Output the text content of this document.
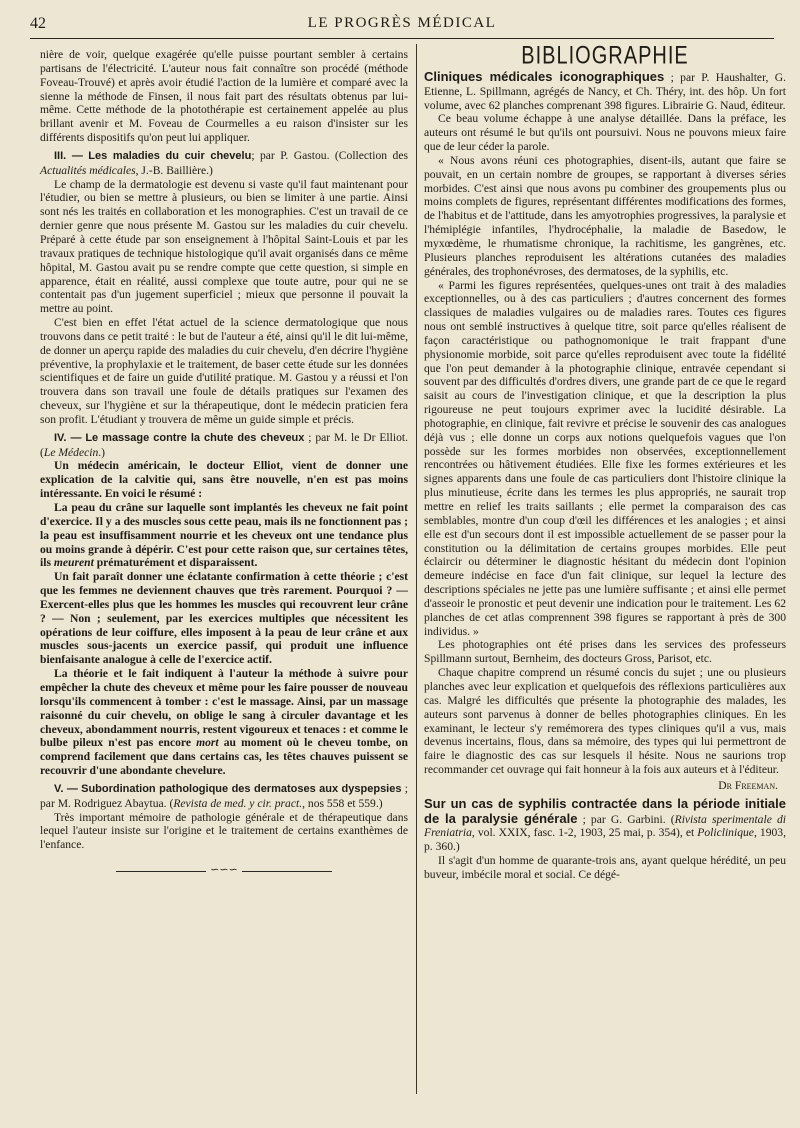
42	LE PROGRÈS MÉDICAL

nière de voir, quelque exagérée qu'elle puisse pourtant sembler à certains partisans de l'électricité. L'auteur nous fait connaître son procédé (méthode Foveau-Trouvé) et après avoir étudié l'action de la lumière et comparé avec la sienne la méthode de Finsen, il nous fait part des résultats obtenus par lui-même. Cette méthode de la photothérapie est certainement appelée au plus brillant avenir et M. Foveau de Courmelles a eu raison d'insister sur les différents dispositifs qu'on peut lui appliquer.

III. — Les maladies du cuir chevelu; par P. Gastou. (Collection des Actualités médicales, J.-B. Baillière.)

Le champ de la dermatologie est devenu si vaste qu'il faut maintenant pour l'étudier, ou bien se mettre à plusieurs, ou bien se limiter à une partie. Ainsi sont nés les traités en collaboration et les monographies. C'est un travail de ce dernier genre que nous présente M. Gastou sur les maladies du cuir chevelu. Préparé à cette étude par son enseignement à l'hôpital Saint-Louis et par les travaux pratiques de technique histologique qu'il avait organisés dans ce même hôpital, M. Gastou avait pu se rendre compte que cette question, si simple en apparence, était en réalité, aussi complexe que toute autre, pour qui ne se contentait pas d'un jugement superficiel ; mieux que personne il pouvait la mettre au point.

C'est bien en effet l'état actuel de la science dermatologique que nous trouvons dans ce petit traité : le but de l'auteur a été, ainsi qu'il le dit lui-même, de donner un aperçu rapide des maladies du cuir chevelu, d'en décrire l'hygiène préventive, la prophylaxie et le traitement, de baser cette étude sur les données scientifiques et de faire un guide d'utilité pratique. M. Gastou y a réussi et l'on trouvera dans son travail une foule de détails pratiques sur l'examen des cheveux, sur l'hygiène et sur la thérapeutique, dont le médecin praticien fera son profit. L'étudiant y trouvera de même un guide simple et précis.

IV. — Le massage contre la chute des cheveux ; par M. le Dr Elliot. (Le Médecin.)

Un médecin américain, le docteur Elliot, vient de donner une explication de la calvitie qui, sans être nouvelle, n'en est pas moins intéressante. En voici le résumé :

La peau du crâne sur laquelle sont implantés les cheveux ne fait point d'exercice. Il y a des muscles sous cette peau, mais ils ne fonctionnent pas ; la peau est insuffisamment nourrie et les cheveux ont une tendance plus ou moins grande à dépérir. C'est pour cette raison que, sur certaines têtes, ils meurent prématurément et disparaissent.

Un fait paraît donner une éclatante confirmation à cette théorie ; c'est que les femmes ne deviennent chauves que très rarement. Pourquoi ? — Exercent-elles plus que les hommes les muscles qui recouvrent leur crâne ? — Non ; seulement, par les exercices multiples que nécessitent les opérations de leur coiffure, elles imposent à la peau de leur crâne et aux muscles sous-jacents un exercice passif, qui produit une influence bienfaisante analogue à celle de l'exercice actif.

La théorie et le fait indiquent à l'auteur la méthode à suivre pour empêcher la chute des cheveux et même pour les faire pousser de nouveau lorsqu'ils commencent à tomber : c'est le massage. Ainsi, par un massage raisonné du cuir chevelu, on oblige le sang à circuler davantage et les cheveux, abondamment nourris, restent vigoureux et tenaces : et comme le bulbe pileux n'est pas encore mort au moment où le cheveu tombe, on comprend facilement que dans certains cas, les têtes chauves puissent se recouvrir d'une abondante chevelure.

V. — Subordination pathologique des dermatoses aux dyspepsies ; par M. Rodriguez Abaytua. (Revista de med. y cir. pract., nos 558 et 559.)

Très important mémoire de pathologie générale et de thérapeutique dans lequel l'auteur insiste sur l'origine et le traitement de certains exanthèmes de l'enfance.

∽∽∽
BIBLIOGRAPHIE

Cliniques médicales iconographiques ; par P. Haushalter, G. Etienne, L. Spillmann, agrégés de Nancy, et Ch. Théry, int. des hôp. Un fort volume, avec 62 planches comprenant 398 figures. Librairie G. Naud, éditeur.

Ce beau volume échappe à une analyse détaillée. Dans la préface, les auteurs ont résumé le but qu'ils ont poursuivi. Nous ne pouvons mieux faire que de leur céder la parole.

« Nous avons réuni ces photographies, disent-ils, autant que faire se pouvait, en un certain nombre de groupes, se rapportant à diverses séries morbides. C'est ainsi que nous avons pu combiner des groupements plus ou moins complets de figures, représentant différentes modifications des formes, de l'habitus et de l'attitude, dans les amyotrophies progressives, la paralysie et l'hémiplégie infantiles, l'hydrocéphalie, la maladie de Basedow, le myxœdème, le rhumatisme chronique, la rachitisme, les gangrènes, etc. Plusieurs planches reproduisent les altérations cutanées des maladies générales, des trophonévroses, des dermatoses, de la syphilis, etc.

« Parmi les figures représentées, quelques-unes ont trait à des maladies exceptionnelles, ou à des cas particuliers ; d'autres concernent des formes classiques de maladies vulgaires ou de maladies rares. Toutes ces figures nous ont semblé instructives à quelque titre, soit parce qu'elles réalisent de façon caractéristique ou pathognomonique le trait frappant d'une physionomie morbide, soit parce qu'elles reproduisent avec toute la fidélité que l'on peut demander à la photographie clinique, entravée cependant si souvent par des difficultés d'ordres divers, une grande part de ce que le regard saisit au cours de l'investigation clinique, et que la description la plus rigoureuse ne peut toujours exprimer avec la lucidité désirable. La photographie, en clinique, fait revivre et précise le souvenir des cas analogues déjà vus ; elle donne un corps aux notions quelquefois vagues que l'on possède sur les formes morbides non observées, exceptionnellement rencontrées ou hâtivement étudiées. Elle fixe les formes extérieures et les signes apparents dans une foule de cas particuliers dont l'histoire clinique la plus minutieuse, écrite dans les termes les plus appropriés, ne saurait trop mettre en relief les traits saillants ; elle permet la comparaison des cas semblables, montre d'un coup d'œil les différences et les analogies ; et ainsi elle est d'un secours dont il est impossible actuellement de se passer pour la constitution ou la délimitation de certains groupes morbides. Elle peut éclaircir ou déterminer le diagnostic hésitant du médecin dont l'opinion demeure indécise en face d'un fait clinique, sur lequel la lecture des descriptions spéciales ne jette pas une lumière suffisante ; et ainsi elle permet d'asseoir le pronostic et peut devenir une indication pour le traitement. Les 62 planches de cet atlas comprennent 398 figures se rapportant à près de 300 individus. »

Les photographies ont été prises dans les services des professeurs Spillmann surtout, Bernheim, des docteurs Gross, Parisot, etc.

Chaque chapitre comprend un résumé concis du sujet ; une ou plusieurs planches avec leur explication et quelquefois des réflexions particulières aux cas. Malgré les difficultés que présente la photographie des malades, les auteurs sont parvenus à donner de belles photographies cliniques. En les examinant, le lecteur s'y remémorera des types cliniques qu'il a vus, mais devenus incertains, flous, dans sa mémoire, des types qui lui permettront de faire le diagnostic des cas sur lesquels il hésite. Nous ne saurions trop recommander cet ouvrage qui fait honneur à la fois aux auteurs et à l'éditeur.

Dr Freeman.

Sur un cas de syphilis contractée dans la période initiale de la paralysie générale ; par G. Garbini. (Rivista sperimentale di Freniatria, vol. XXIX, fasc. 1-2, 1903, 25 mai, p. 354), et Policlinique, 1903, p. 360.)

Il s'agit d'un homme de quarante-trois ans, ayant quelque hérédité, un peu buveur, imbécile moral et social. Ce dégé-
